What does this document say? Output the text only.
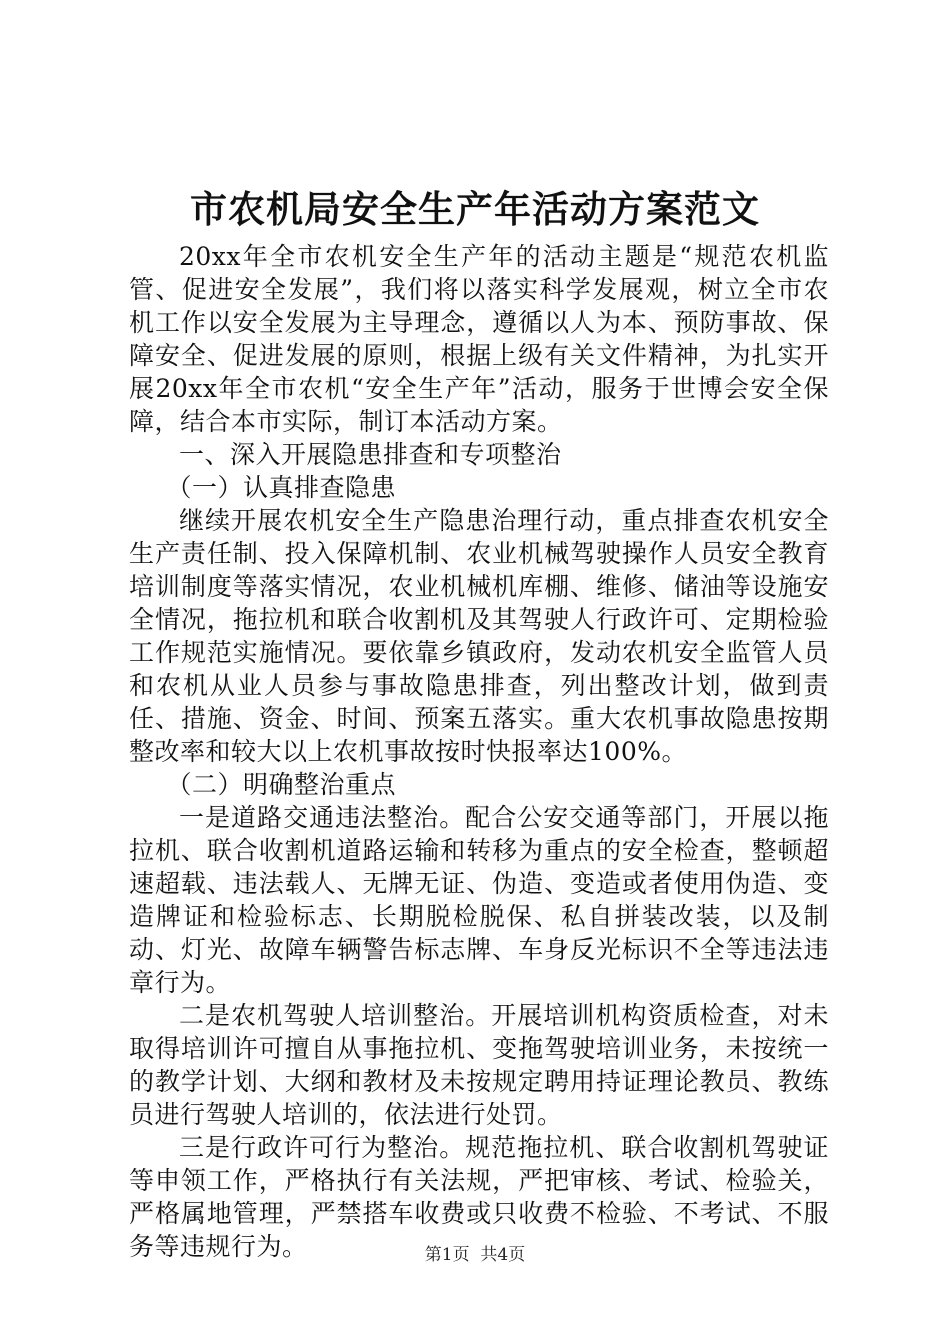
市农机局安全生产年活动方案范文

20xx年全市农机安全生产年的活动主题是“规范农机监管、促进安全发展”，我们将以落实科学发展观，树立全市农机工作以安全发展为主导理念，遵循以人为本、预防事故、保障安全、促进发展的原则，根据上级有关文件精神，为扎实开展20xx年全市农机“安全生产年”活动，服务于世博会安全保障，结合本市实际，制订本活动方案。

一、深入开展隐患排查和专项整治

（一）认真排查隐患

继续开展农机安全生产隐患治理行动，重点排查农机安全生产责任制、投入保障机制、农业机械驾驶操作人员安全教育培训制度等落实情况，农业机械机库棚、维修、储油等设施安全情况，拖拉机和联合收割机及其驾驶人行政许可、定期检验工作规范实施情况。要依靠乡镇政府，发动农机安全监管人员和农机从业人员参与事故隐患排查，列出整改计划，做到责任、措施、资金、时间、预案五落实。重大农机事故隐患按期整改率和较大以上农机事故按时快报率达100%。

（二）明确整治重点

一是道路交通违法整治。配合公安交通等部门，开展以拖拉机、联合收割机道路运输和转移为重点的安全检查，整顿超速超载、违法载人、无牌无证、伪造、变造或者使用伪造、变造牌证和检验标志、长期脱检脱保、私自拼装改装，以及制动、灯光、故障车辆警告标志牌、车身反光标识不全等违法违章行为。

二是农机驾驶人培训整治。开展培训机构资质检查，对未取得培训许可擅自从事拖拉机、变拖驾驶培训业务，未按统一的教学计划、大纲和教材及未按规定聘用持证理论教员、教练员进行驾驶人培训的，依法进行处罚。

三是行政许可行为整治。规范拖拉机、联合收割机驾驶证等申领工作，严格执行有关法规，严把审核、考试、检验关，严格属地管理，严禁搭车收费或只收费不检验、不考试、不服务等违规行为。	第1页 共4页
